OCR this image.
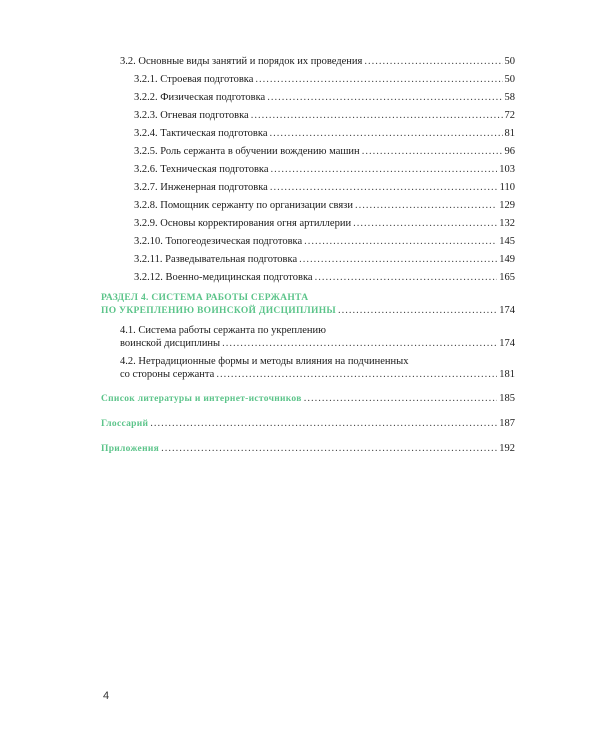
3.2. Основные виды занятий и порядок их проведения .....	50
3.2.1. Строевая подготовка .....	50
3.2.2. Физическая подготовка .....	58
3.2.3. Огневая подготовка .....	72
3.2.4. Тактическая подготовка .....	81
3.2.5. Роль сержанта в обучении вождению машин .....	96
3.2.6. Техническая подготовка .....	103
3.2.7. Инженерная подготовка .....	110
3.2.8. Помощник сержанту по организации связи .....	129
3.2.9. Основы корректирования огня артиллерии .....	132
3.2.10. Топогеодезическая подготовка .....	145
3.2.11. Разведывательная подготовка .....	149
3.2.12. Военно-медицинская подготовка .....	165
РАЗДЕЛ 4. СИСТЕМА РАБОТЫ СЕРЖАНТА
ПО УКРЕПЛЕНИЮ ВОИНСКОЙ ДИСЦИПЛИНЫ .....	174
4.1. Система работы сержанта по укреплению
воинской дисциплины .....	174
4.2. Нетрадиционные формы и методы влияния на подчиненных
со стороны сержанта .....	181
Список литературы и интернет-источников .....	185
Глоссарий .....	187
Приложения .....	192
4
